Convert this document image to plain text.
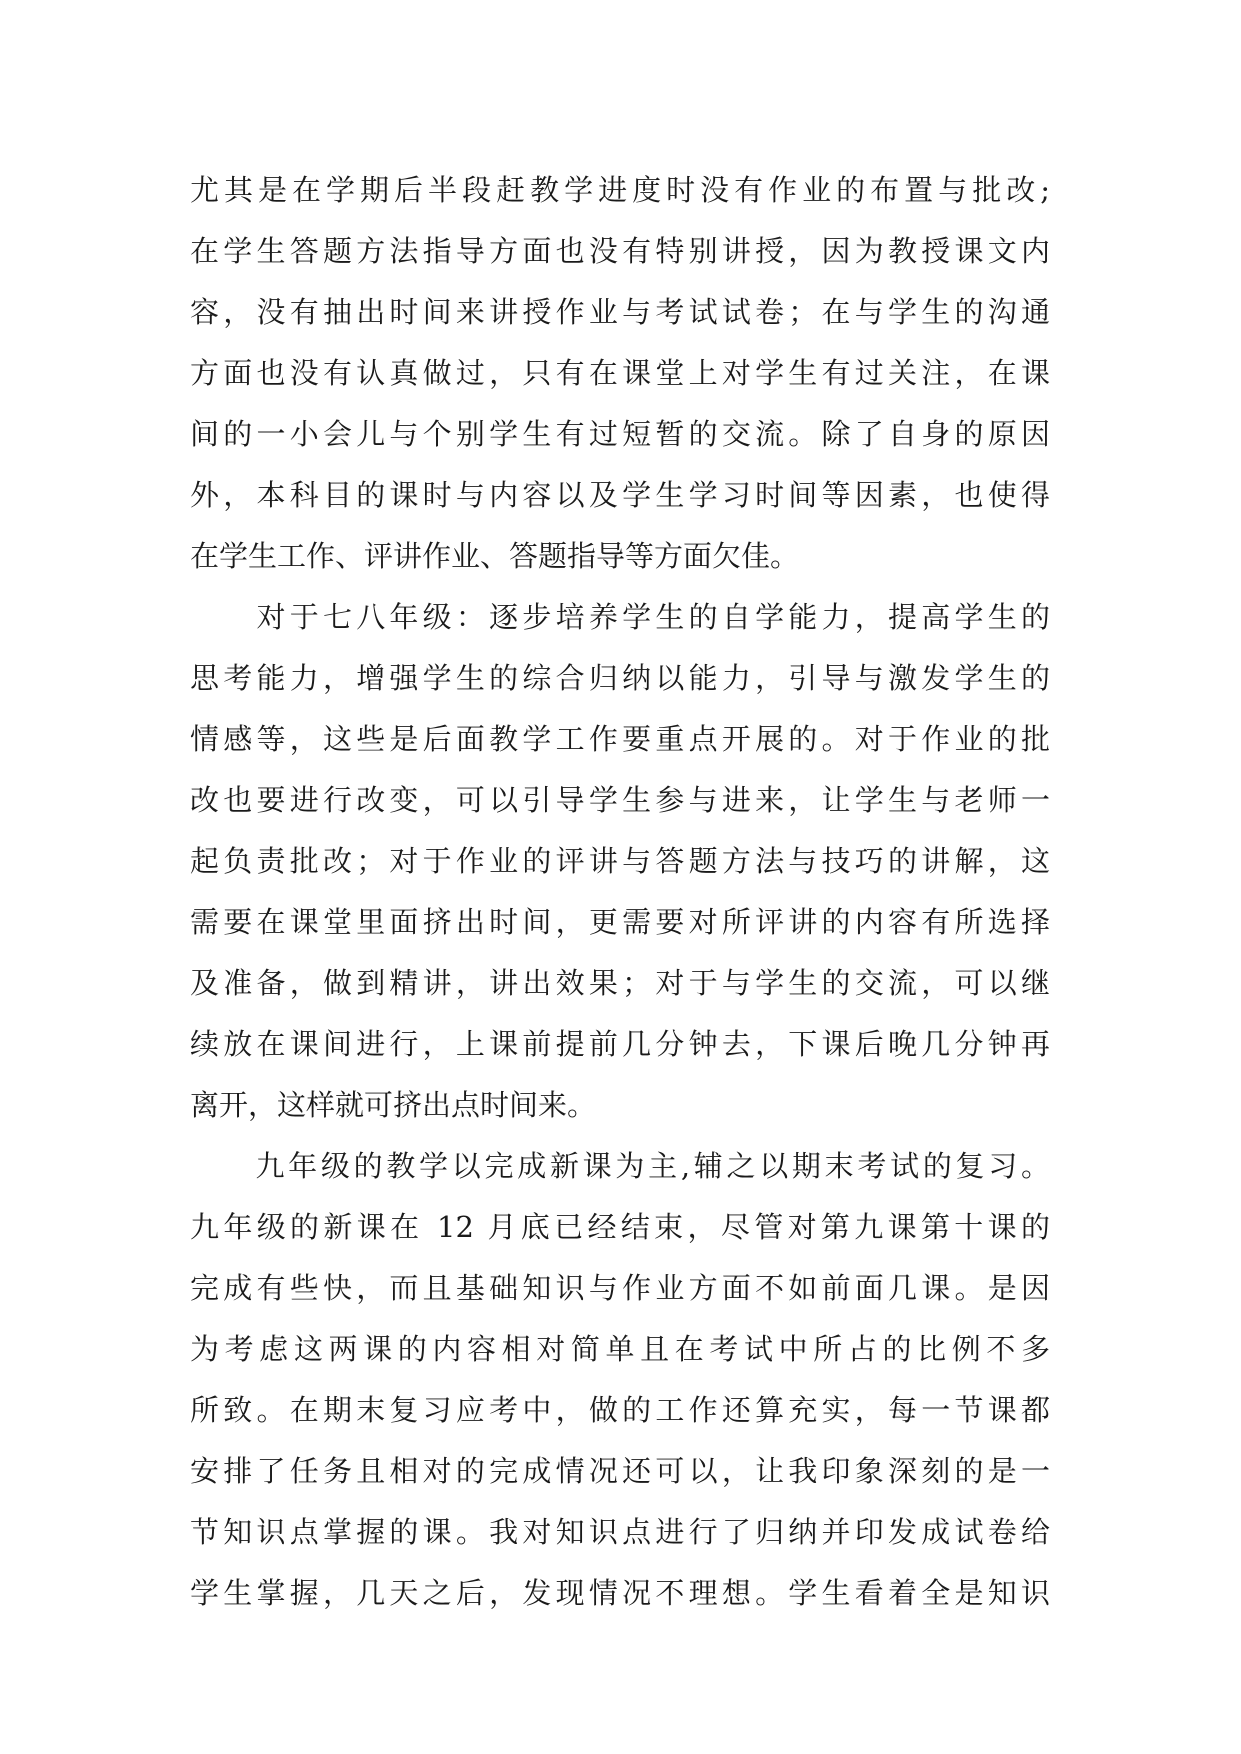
尤其是在学期后半段赶教学进度时没有作业的布置与批改;
在学生答题方法指导方面也没有特别讲授，因为教授课文内
容，没有抽出时间来讲授作业与考试试卷；在与学生的沟通
方面也没有认真做过，只有在课堂上对学生有过关注，在课
间的一小会儿与个别学生有过短暂的交流。除了自身的原因
外，本科目的课时与内容以及学生学习时间等因素，也使得
在学生工作、评讲作业、答题指导等方面欠佳。
　　对于七八年级：逐步培养学生的自学能力，提高学生的
思考能力，增强学生的综合归纳以能力，引导与激发学生的
情感等，这些是后面教学工作要重点开展的。对于作业的批
改也要进行改变，可以引导学生参与进来，让学生与老师一
起负责批改；对于作业的评讲与答题方法与技巧的讲解，这
需要在课堂里面挤出时间，更需要对所评讲的内容有所选择
及准备，做到精讲，讲出效果；对于与学生的交流，可以继
续放在课间进行，上课前提前几分钟去，下课后晚几分钟再
离开，这样就可挤出点时间来。
　　九年级的教学以完成新课为主,辅之以期末考试的复习。
九年级的新课在 12 月底已经结束，尽管对第九课第十课的
完成有些快，而且基础知识与作业方面不如前面几课。是因
为考虑这两课的内容相对简单且在考试中所占的比例不多
所致。在期末复习应考中，做的工作还算充实，每一节课都
安排了任务且相对的完成情况还可以，让我印象深刻的是一
节知识点掌握的课。我对知识点进行了归纳并印发成试卷给
学生掌握，几天之后，发现情况不理想。学生看着全是知识
